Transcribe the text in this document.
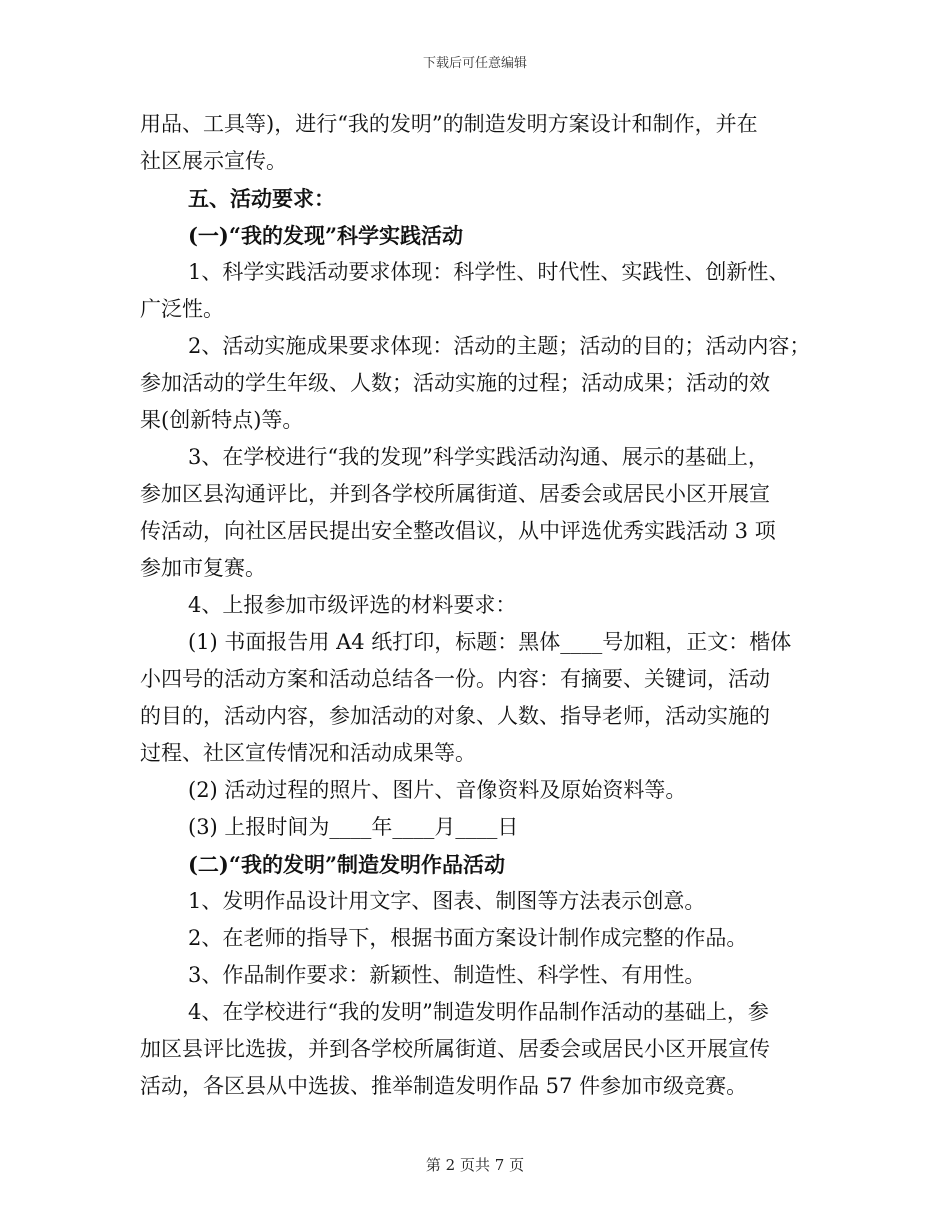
下载后可任意编辑
用品、工具等)，进行“我的发明”的制造发明方案设计和制作，并在
社区展示宣传。
五、活动要求：
(一)“我的发现”科学实践活动
1、科学实践活动要求体现：科学性、时代性、实践性、创新性、
广泛性。
2、活动实施成果要求体现：活动的主题；活动的目的；活动内容；
参加活动的学生年级、人数；活动实施的过程；活动成果；活动的效
果(创新特点)等。
3、在学校进行“我的发现”科学实践活动沟通、展示的基础上，
参加区县沟通评比，并到各学校所属街道、居委会或居民小区开展宣
传活动，向社区居民提出安全整改倡议，从中评选优秀实践活动 3 项
参加市复赛。
4、上报参加市级评选的材料要求：
(1) 书面报告用 A4 纸打印，标题：黑体____号加粗，正文：楷体
小四号的活动方案和活动总结各一份。内容：有摘要、关键词，活动
的目的，活动内容，参加活动的对象、人数、指导老师，活动实施的
过程、社区宣传情况和活动成果等。
(2) 活动过程的照片、图片、音像资料及原始资料等。
(3) 上报时间为____年____月____日
(二)“我的发明”制造发明作品活动
1、发明作品设计用文字、图表、制图等方法表示创意。
2、在老师的指导下，根据书面方案设计制作成完整的作品。
3、作品制作要求：新颖性、制造性、科学性、有用性。
4、在学校进行“我的发明”制造发明作品制作活动的基础上，参
加区县评比选拔，并到各学校所属街道、居委会或居民小区开展宣传
活动，各区县从中选拔、推举制造发明作品 57 件参加市级竞赛。
第 2 页共 7 页
